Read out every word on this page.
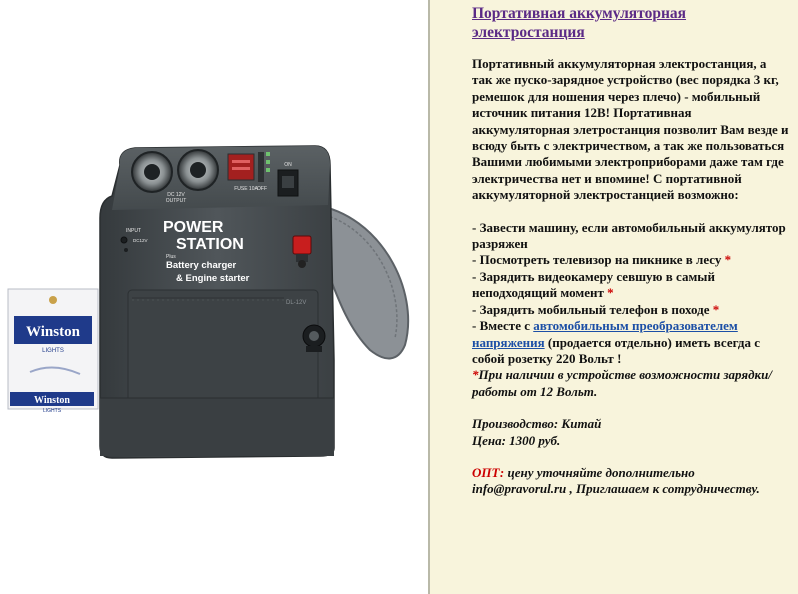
Winston
LIGHTS
Winston
LIGHTS
DC 12V
OUTPUT
FUSE 10A
ON
OFF
INPUT
DC12V
POWER
STATION
Plus
Battery charger
& Engine starter
DL-12V
Портативная аккумуляторная электростанция

Портативный аккумуляторная электростанция, а так же пуско-зарядное устройство (вес порядка 3 кг, ремешок для ношения через плечо) - мобильный источник питания 12В! Портативная аккумуляторная элетростанция позволит Вам везде и всюду быть с электричеством, а так же пользоваться Вашими любимыми электроприборами даже там где электричества нет и впомине! С портативной аккумуляторной электростанцией возможно:

- Завести машину, если автомобильный аккумулятор разряжен

- Посмотреть телевизор на пикнике в лесу *

- Зарядить видеокамеру севшую в самый неподходящий момент *

- Зарядить мобильный телефон в походе *

- Вместе с автомобильным преобразователем напряжения (продается отдельно) иметь всегда с собой розетку 220 Вольт !

*При наличии в устройстве возможности зарядки/работы от 12 Вольт.

Производство: Китай

Цена: 1300 руб.

ОПТ: цену уточняйте дополнительно info@pravorul.ru , Приглашаем к сотрудничеству.
